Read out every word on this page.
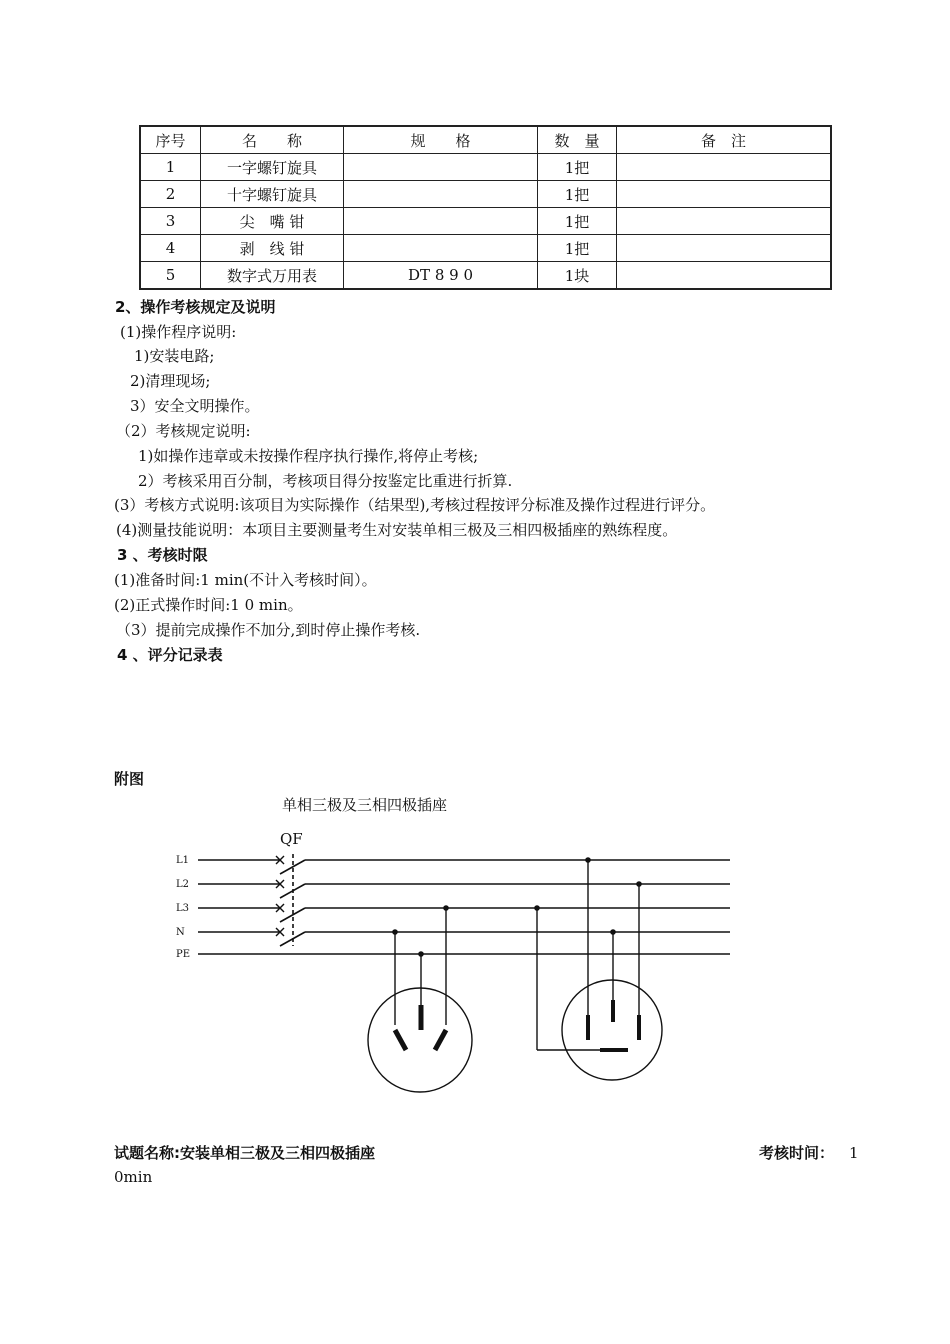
序号	名　　称	规　　格	数　量	备　注
1	一字螺钉旋具		1把	
2	十字螺钉旋具		1把	
3	尖　嘴 钳		1把	
4	剥　线 钳		1把	
5	数字式万用表	DT 8 9 0	1块	
2、操作考核规定及说明
(1)操作程序说明:
1)安装电路;
2)清理现场;
3）安全文明操作。
（2）考核规定说明:
1)如操作违章或未按操作程序执行操作,将停止考核;
2）考核采用百分制，考核项目得分按鉴定比重进行折算.
(3）考核方式说明:该项目为实际操作（结果型),考核过程按评分标准及操作过程进行评分。
(4)测量技能说明：本项目主要测量考生对安装单相三极及三相四极插座的熟练程度。
3 、考核时限
(1)准备时间:1 min(不计入考核时间）。
(2)正式操作时间:1 0 min。
（3）提前完成操作不加分,到时停止操作考核.
4 、评分记录表
附图
单相三极及三相四极插座
QF
L1
L2
L3
N
PE
试题名称:安装单相三极及三相四极插座	考核时间： 1
0min
